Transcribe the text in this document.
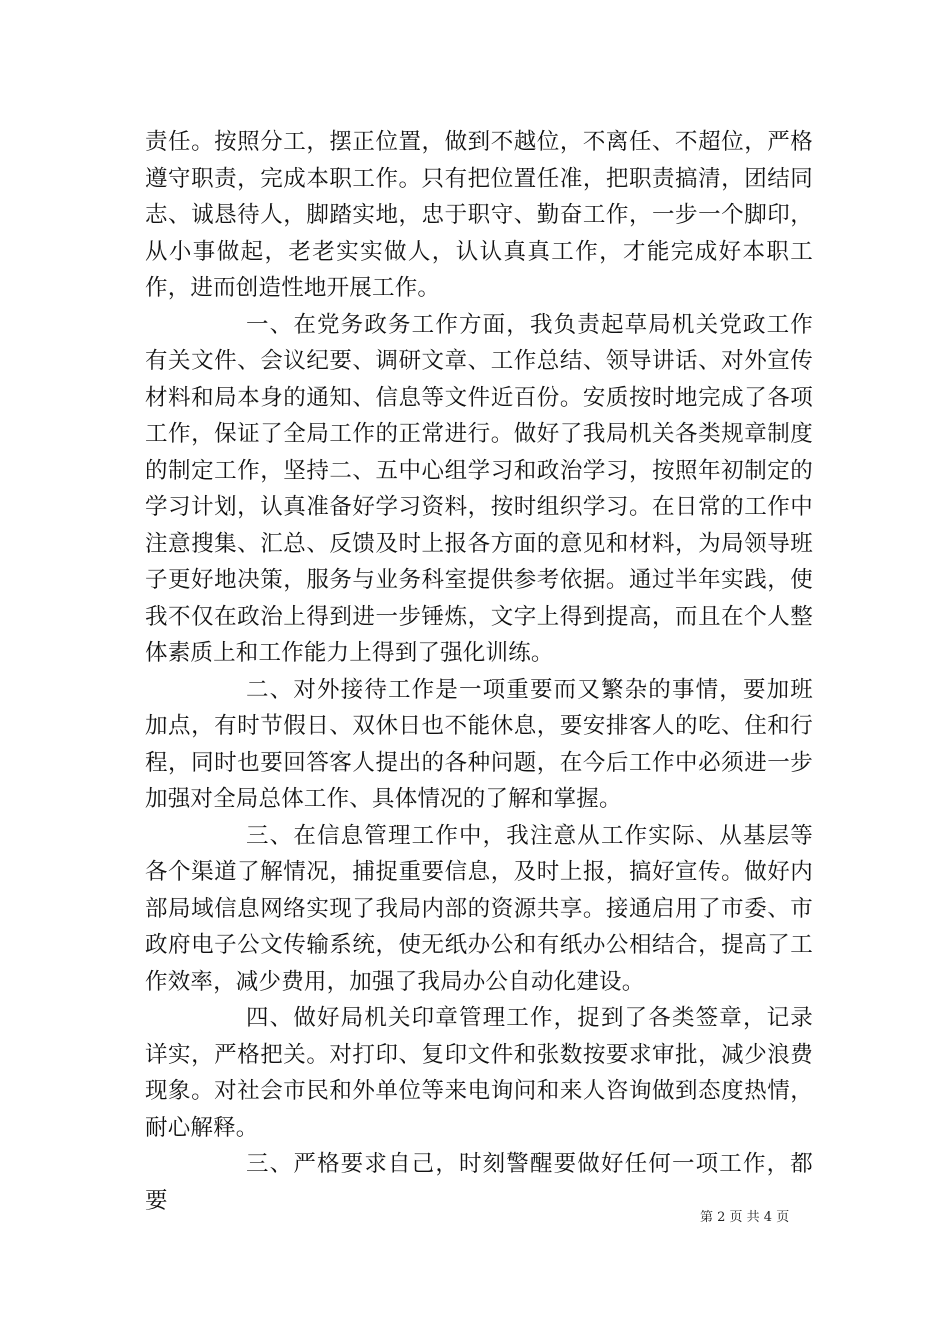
责任。按照分工，摆正位置，做到不越位，不离任、不超位，严格遵守职责，完成本职工作。只有把位置任准，把职责搞清，团结同志、诚恳待人，脚踏实地，忠于职守、勤奋工作，一步一个脚印，从小事做起，老老实实做人，认认真真工作，才能完成好本职工作，进而创造性地开展工作。

一、在党务政务工作方面，我负责起草局机关党政工作有关文件、会议纪要、调研文章、工作总结、领导讲话、对外宣传材料和局本身的通知、信息等文件近百份。安质按时地完成了各项工作，保证了全局工作的正常进行。做好了我局机关各类规章制度的制定工作，坚持二、五中心组学习和政治学习，按照年初制定的学习计划，认真准备好学习资料，按时组织学习。在日常的工作中注意搜集、汇总、反馈及时上报各方面的意见和材料，为局领导班子更好地决策，服务与业务科室提供参考依据。通过半年实践，使我不仅在政治上得到进一步锤炼，文字上得到提高，而且在个人整体素质上和工作能力上得到了强化训练。

二、对外接待工作是一项重要而又繁杂的事情，要加班加点，有时节假日、双休日也不能休息，要安排客人的吃、住和行程，同时也要回答客人提出的各种问题，在今后工作中必须进一步加强对全局总体工作、具体情况的了解和掌握。

三、在信息管理工作中，我注意从工作实际、从基层等各个渠道了解情况，捕捉重要信息，及时上报，搞好宣传。做好内部局域信息网络实现了我局内部的资源共享。接通启用了市委、市政府电子公文传输系统，使无纸办公和有纸办公相结合，提高了工作效率，减少费用，加强了我局办公自动化建设。

四、做好局机关印章管理工作，捉到了各类签章，记录详实，严格把关。对打印、复印文件和张数按要求审批，减少浪费现象。对社会市民和外单位等来电询问和来人咨询做到态度热情，耐心解释。

三、严格要求自己，时刻警醒要做好任何一项工作，都要

第 2 页 共 4 页
